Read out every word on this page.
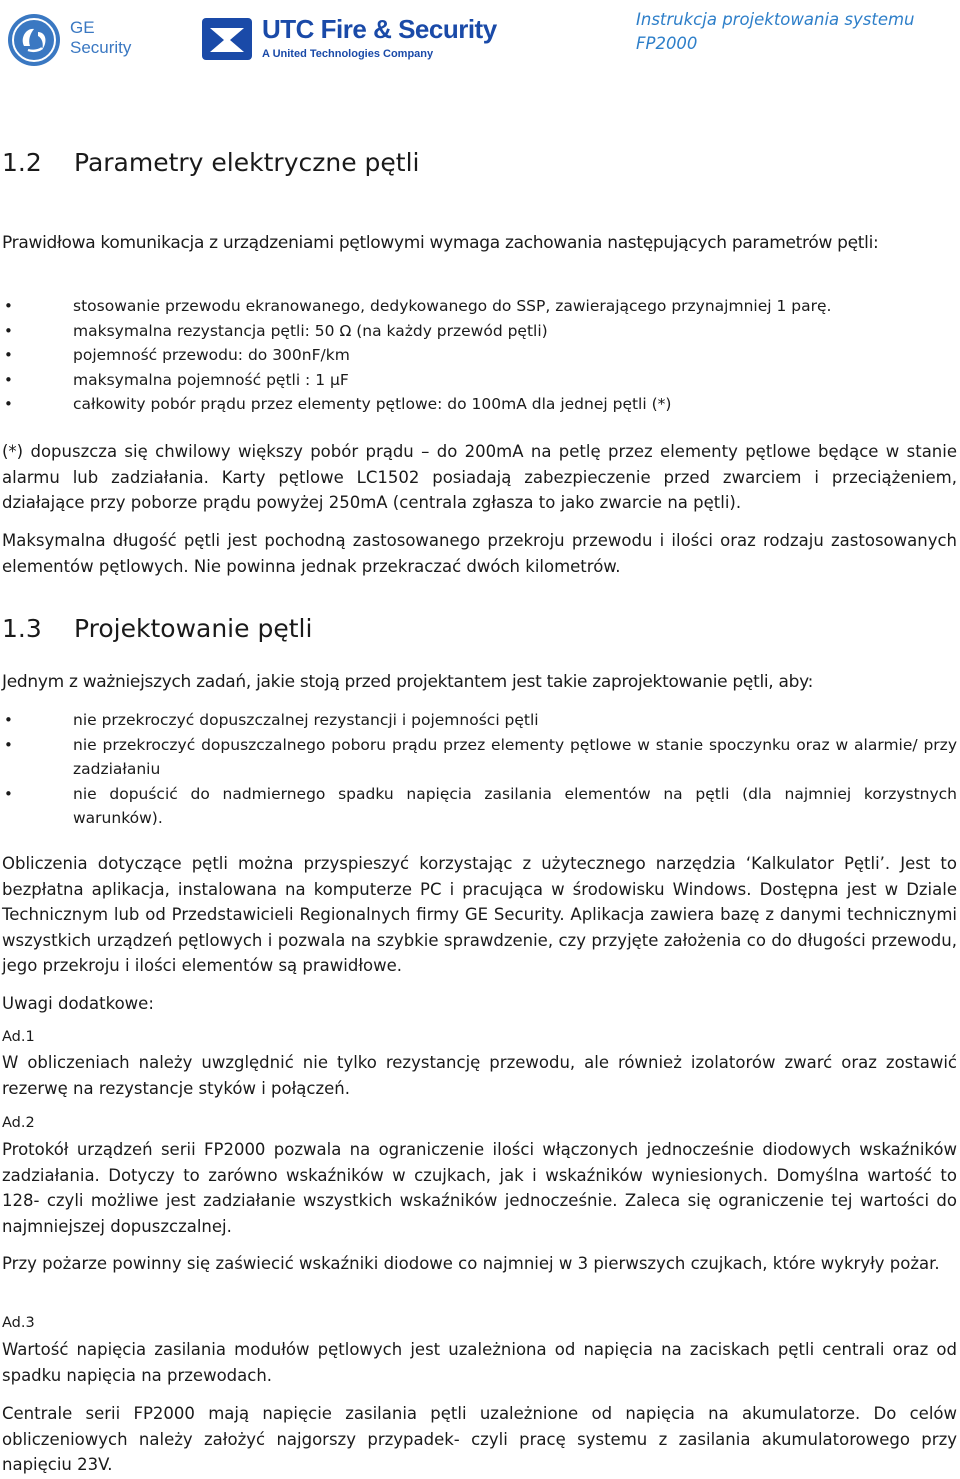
GE
Security
UTC Fire & Security
A United Technologies Company
Instrukcja projektowania systemu
FP2000
1.2 Parametry elektryczne pętli

Prawidłowa komunikacja z urządzeniami pętlowymi wymaga zachowania następujących parametrów pętli:

• stosowanie przewodu ekranowanego, dedykowanego do SSP, zawierającego przynajmniej 1 parę.
• maksymalna rezystancja pętli: 50 Ω (na każdy przewód pętli)
• pojemność przewodu: do 300nF/km
• maksymalna pojemność pętli : 1 μF
• całkowity pobór prądu przez elementy pętlowe: do 100mA dla jednej pętli (*)

(*) dopuszcza się chwilowy większy pobór prądu – do 200mA na petlę przez elementy pętlowe będące w stanie alarmu lub zadziałania. Karty pętlowe LC1502 posiadają zabezpieczenie przed zwarciem i przeciążeniem, działające przy poborze prądu powyżej 250mA (centrala zgłasza to jako zwarcie na pętli).

Maksymalna długość pętli jest pochodną zastosowanego przekroju przewodu i ilości oraz rodzaju zastosowanych elementów pętlowych. Nie powinna jednak przekraczać dwóch kilometrów.

1.3 Projektowanie pętli

Jednym z ważniejszych zadań, jakie stoją przed projektantem jest takie zaprojektowanie pętli, aby:

• nie przekroczyć dopuszczalnej rezystancji i pojemności pętli
• nie przekroczyć dopuszczalnego poboru prądu przez elementy pętlowe w stanie spoczynku oraz w alarmie/ przy zadziałaniu
• nie dopuścić do nadmiernego spadku napięcia zasilania elementów na pętli (dla najmniej korzystnych warunków).

Obliczenia dotyczące pętli można przyspieszyć korzystając z użytecznego narzędzia ‘Kalkulator Pętli’. Jest to bezpłatna aplikacja, instalowana na komputerze PC i pracująca w środowisku Windows. Dostępna jest w Dziale Technicznym lub od Przedstawicieli Regionalnych firmy GE Security. Aplikacja zawiera bazę z danymi technicznymi wszystkich urządzeń pętlowych i pozwala na szybkie sprawdzenie, czy przyjęte założenia co do długości przewodu, jego przekroju i ilości elementów są prawidłowe.

Uwagi dodatkowe:

Ad.1

W obliczeniach należy uwzględnić nie tylko rezystancję przewodu, ale również izolatorów zwarć oraz zostawić rezerwę na rezystancje styków i połączeń.

Ad.2

Protokół urządzeń serii FP2000 pozwala na ograniczenie ilości włączonych jednocześnie diodowych wskaźników zadziałania. Dotyczy to zarówno wskaźników w czujkach, jak i wskaźników wyniesionych. Domyślna wartość to 128- czyli możliwe jest zadziałanie wszystkich wskaźników jednocześnie. Zaleca się ograniczenie tej wartości do najmniejszej dopuszczalnej.

Przy pożarze powinny się zaświecić wskaźniki diodowe co najmniej w 3 pierwszych czujkach, które wykryły pożar.

Ad.3

Wartość napięcia zasilania modułów pętlowych jest uzależniona od napięcia na zaciskach pętli centrali oraz od spadku napięcia na przewodach.

Centrale serii FP2000 mają napięcie zasilania pętli uzależnione od napięcia na akumulatorze. Do celów obliczeniowych należy założyć najgorszy przypadek- czyli pracę systemu z zasilania akumulatorowego przy napięciu 23V.
